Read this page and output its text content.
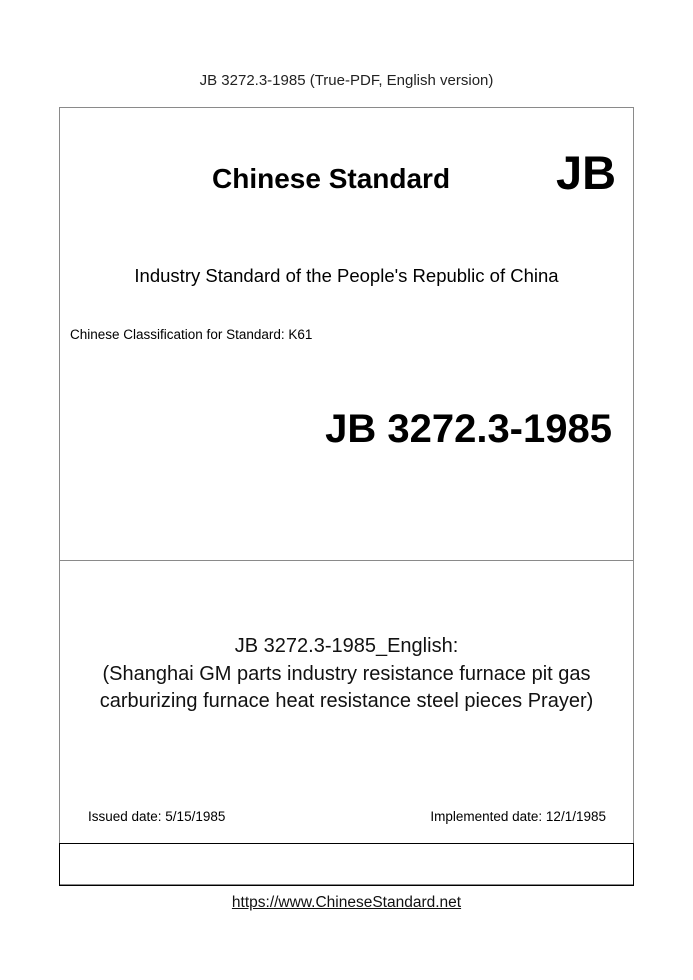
JB 3272.3-1985 (True-PDF, English version)
Chinese Standard JB
Industry Standard of the People's Republic of China
Chinese Classification for Standard: K61
JB 3272.3-1985
JB 3272.3-1985_English:
(Shanghai GM parts industry resistance furnace pit gas
carburizing furnace heat resistance steel pieces Prayer)
Issued date: 5/15/1985	Implemented date: 12/1/1985
https://www.ChineseStandard.net
